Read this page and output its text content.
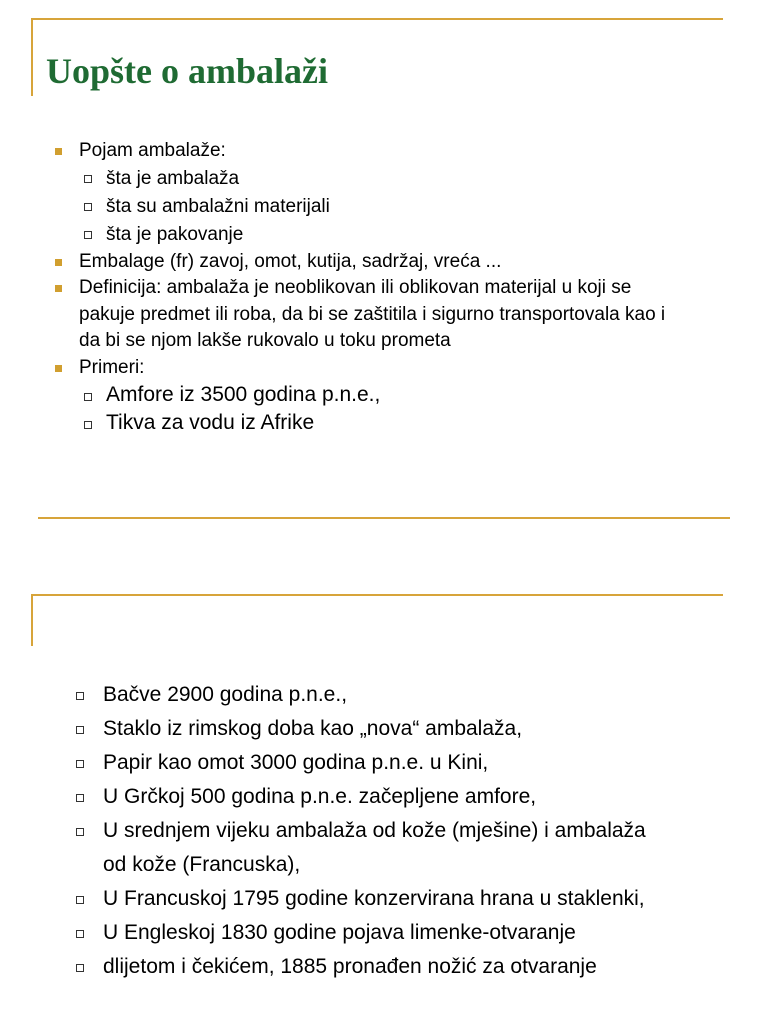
Uopšte o ambalaži
Pojam ambalaže:
šta je ambalaža
šta su ambalažni materijali
šta je pakovanje
Embalage (fr) zavoj, omot, kutija, sadržaj, vreća ...
Definicija: ambalaža je neoblikovan ili oblikovan materijal u koji se pakuje predmet ili roba, da bi se zaštitila i sigurno transportovala kao i da bi se njom lakše rukovalo u toku prometa
Primeri:
Amfore iz 3500 godina p.n.e.,
Tikva za vodu iz Afrike
Bačve 2900 godina p.n.e.,
Staklo iz rimskog doba kao „nova“ ambalaža,
Papir kao omot 3000 godina p.n.e. u Kini,
U Grčkoj 500 godina p.n.e. začepljene amfore,
U srednjem vijeku ambalaža od kože (mješine) i ambalaža od kože (Francuska),
U Francuskoj 1795 godine konzervirana hrana u staklenki,
U Engleskoj 1830 godine pojava limenke-otvaranje
dlijetom i čekićem, 1885 pronađen nožić za otvaranje
